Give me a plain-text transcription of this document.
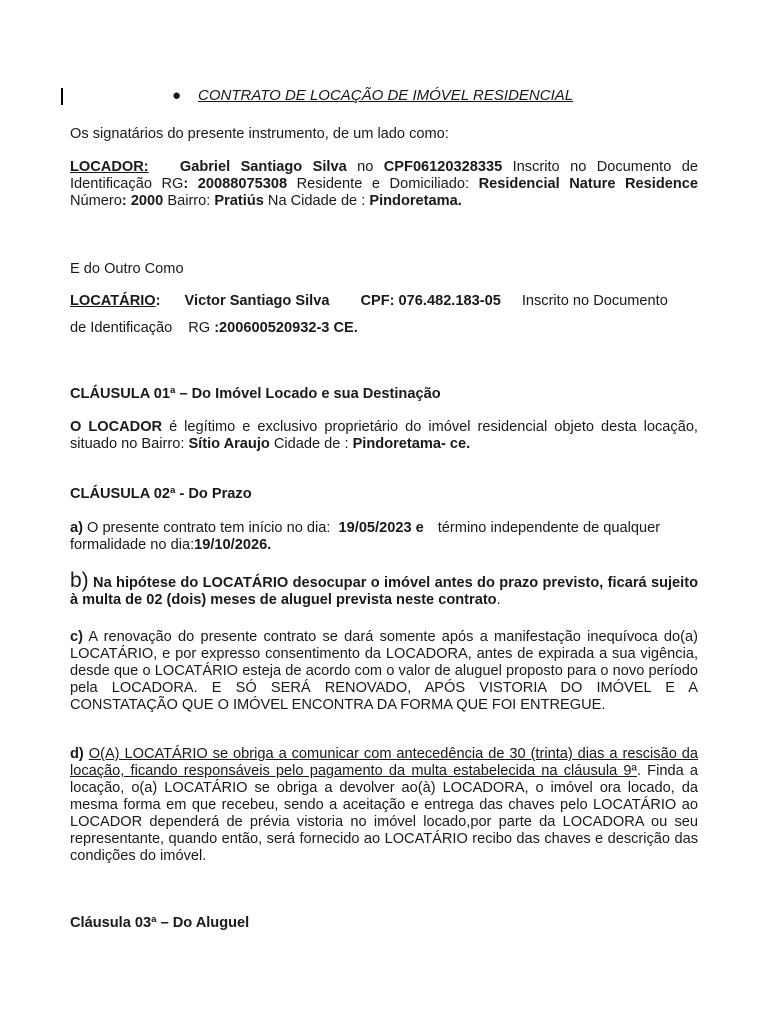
● CONTRATO DE LOCAÇÃO DE IMÓVEL RESIDENCIAL
Os signatários do presente instrumento, de um lado como:
LOCADOR: Gabriel Santiago Silva no CPF06120328335 Inscrito no Documento de Identificação RG: 20088075308 Residente e Domiciliado: Residencial Nature Residence Número: 2000 Bairro: Pratiús Na Cidade de : Pindoretama.
E do Outro Como
LOCATÁRIO: Victor Santiago Silva CPF: 076.482.183-05 Inscrito no Documento
de Identificação RG :200600520932-3 CE.
CLÁUSULA 01ª – Do Imóvel Locado e sua Destinação
O LOCADOR é legítimo e exclusivo proprietário do imóvel residencial objeto desta locação, situado no Bairro: Sítio Araujo Cidade de : Pindoretama- ce.
CLÁUSULA 02ª - Do Prazo
a) O presente contrato tem início no dia:  19/05/2023 e término independente de qualquer formalidade no dia:19/10/2026.
b) Na hipótese do LOCATÁRIO desocupar o imóvel antes do prazo previsto, ficará sujeito à multa de 02 (dois) meses de aluguel prevista neste contrato.
c) A renovação do presente contrato se dará somente após a manifestação inequívoca do(a) LOCATÁRIO, e por expresso consentimento da LOCADORA, antes de expirada a sua vigência, desde que o LOCATÁRIO esteja de acordo com o valor de aluguel proposto para o novo período pela LOCADORA. E SÓ SERÁ RENOVADO, APÓS VISTORIA DO IMÓVEL E A CONSTATAÇÃO QUE O IMÓVEL ENCONTRA DA FORMA QUE FOI ENTREGUE.
d) O(A) LOCATÁRIO se obriga a comunicar com antecedência de 30 (trinta) dias a rescisão da locação, ficando responsáveis pelo pagamento da multa estabelecida na cláusula 9ª. Finda a locação, o(a) LOCATÁRIO se obriga a devolver ao(à) LOCADORA, o imóvel ora locado, da mesma forma em que recebeu, sendo a aceitação e entrega das chaves pelo LOCATÁRIO ao LOCADOR dependerá de prévia vistoria no imóvel locado,por parte da LOCADORA ou seu representante, quando então, será fornecido ao LOCATÁRIO recibo das chaves e descrição das condições do imóvel.
Cláusula 03ª – Do Aluguel
